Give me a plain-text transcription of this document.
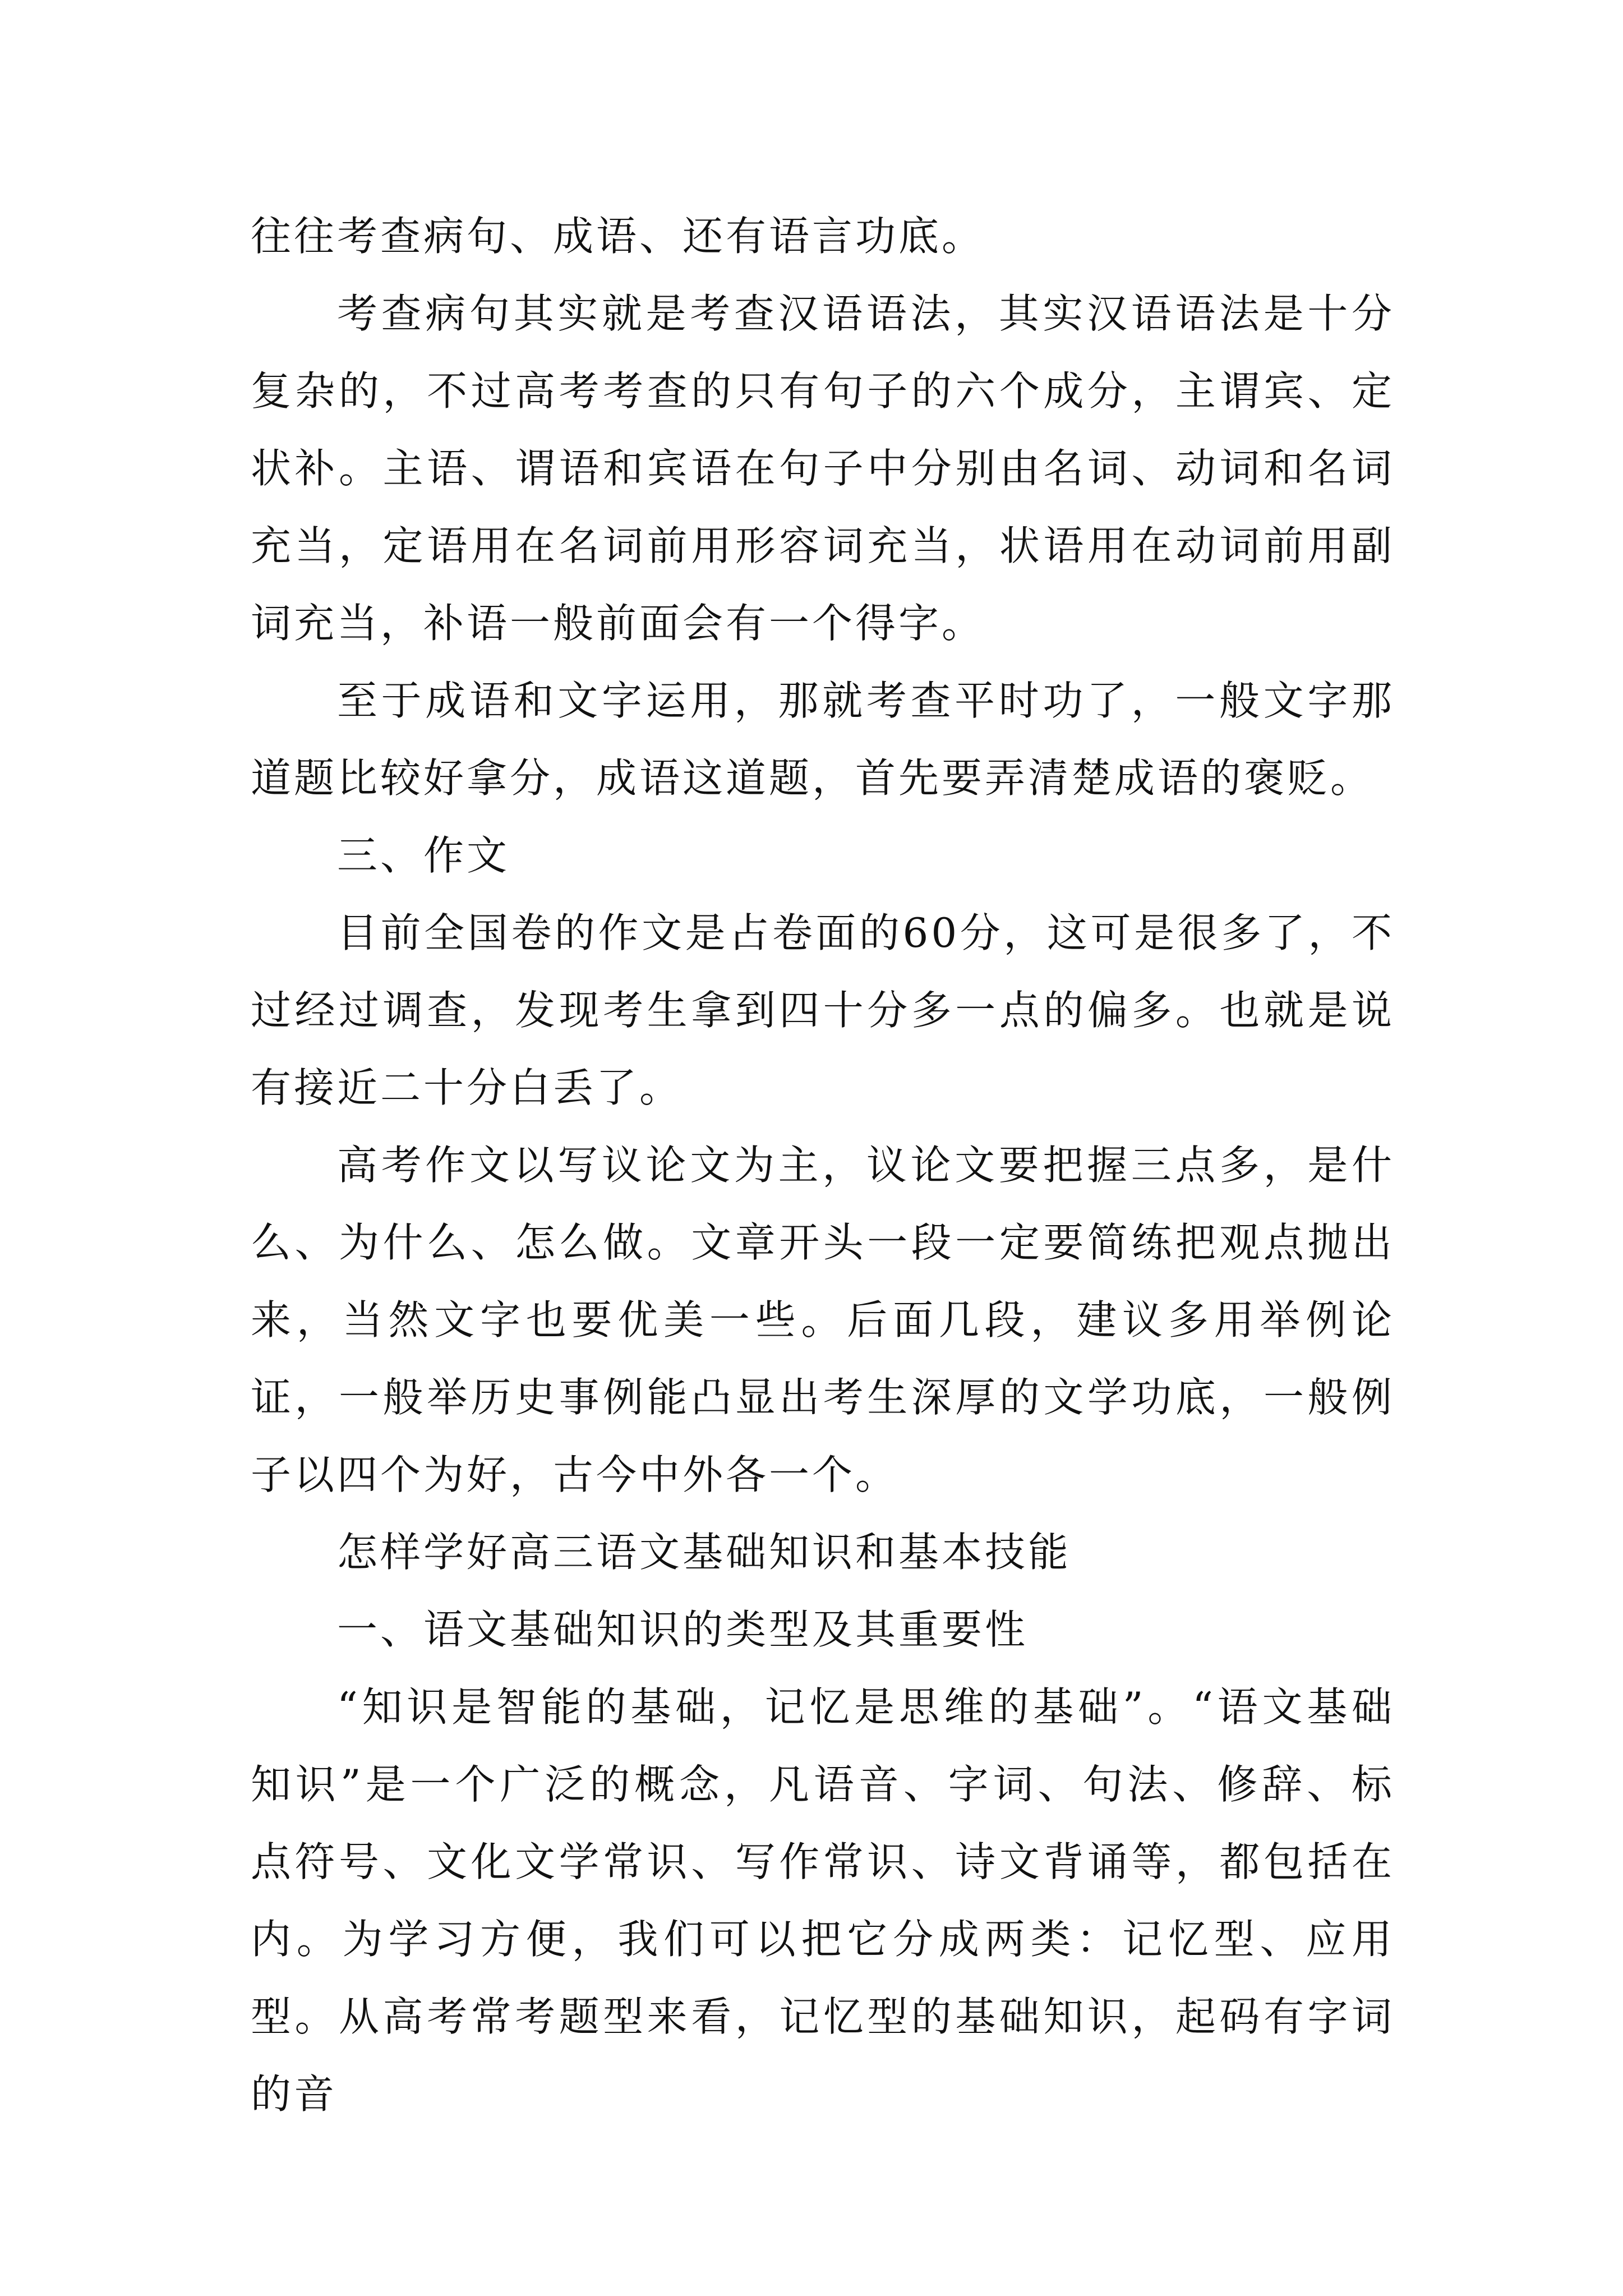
往往考查病句、成语、还有语言功底。

考查病句其实就是考查汉语语法，其实汉语语法是十分复杂的，不过高考考查的只有句子的六个成分，主谓宾、定状补。主语、谓语和宾语在句子中分别由名词、动词和名词充当，定语用在名词前用形容词充当，状语用在动词前用副词充当，补语一般前面会有一个得字。

至于成语和文字运用，那就考查平时功了，一般文字那道题比较好拿分，成语这道题，首先要弄清楚成语的褒贬。

三、作文

目前全国卷的作文是占卷面的60分，这可是很多了，不过经过调查，发现考生拿到四十分多一点的偏多。也就是说有接近二十分白丢了。

高考作文以写议论文为主，议论文要把握三点多，是什么、为什么、怎么做。文章开头一段一定要简练把观点抛出来，当然文字也要优美一些。后面几段，建议多用举例论证，一般举历史事例能凸显出考生深厚的文学功底，一般例子以四个为好，古今中外各一个。

怎样学好高三语文基础知识和基本技能

一、语文基础知识的类型及其重要性

“知识是智能的基础，记忆是思维的基础”。“语文基础知识”是一个广泛的概念，凡语音、字词、句法、修辞、标点符号、文化文学常识、写作常识、诗文背诵等，都包括在内。为学习方便，我们可以把它分成两类：记忆型、应用型。从高考常考题型来看，记忆型的基础知识，起码有字词的音
